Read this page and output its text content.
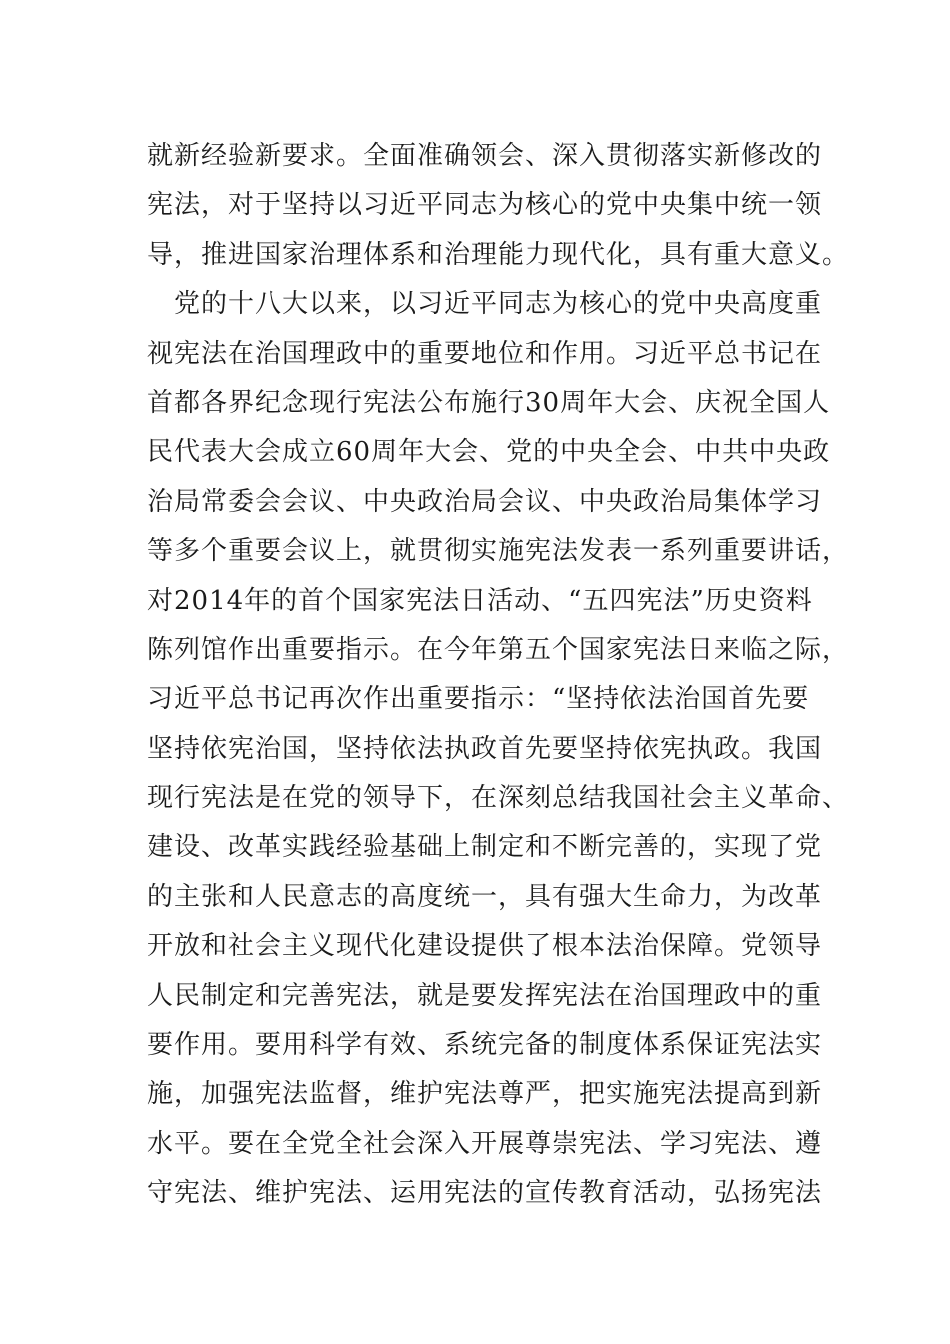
就新经验新要求。全面准确领会、深入贯彻落实新修改的
宪法，对于坚持以习近平同志为核心的党中央集中统一领
导，推进国家治理体系和治理能力现代化，具有重大意义。
　党的十八大以来，以习近平同志为核心的党中央高度重
视宪法在治国理政中的重要地位和作用。习近平总书记在
首都各界纪念现行宪法公布施行30周年大会、庆祝全国人
民代表大会成立60周年大会、党的中央全会、中共中央政
治局常委会会议、中央政治局会议、中央政治局集体学习
等多个重要会议上，就贯彻实施宪法发表一系列重要讲话，
对2014年的首个国家宪法日活动、“五四宪法”历史资料
陈列馆作出重要指示。在今年第五个国家宪法日来临之际，
习近平总书记再次作出重要指示：“坚持依法治国首先要
坚持依宪治国，坚持依法执政首先要坚持依宪执政。我国
现行宪法是在党的领导下，在深刻总结我国社会主义革命、
建设、改革实践经验基础上制定和不断完善的，实现了党
的主张和人民意志的高度统一，具有强大生命力，为改革
开放和社会主义现代化建设提供了根本法治保障。党领导
人民制定和完善宪法，就是要发挥宪法在治国理政中的重
要作用。要用科学有效、系统完备的制度体系保证宪法实
施，加强宪法监督，维护宪法尊严，把实施宪法提高到新
水平。要在全党全社会深入开展尊崇宪法、学习宪法、遵
守宪法、维护宪法、运用宪法的宣传教育活动，弘扬宪法
